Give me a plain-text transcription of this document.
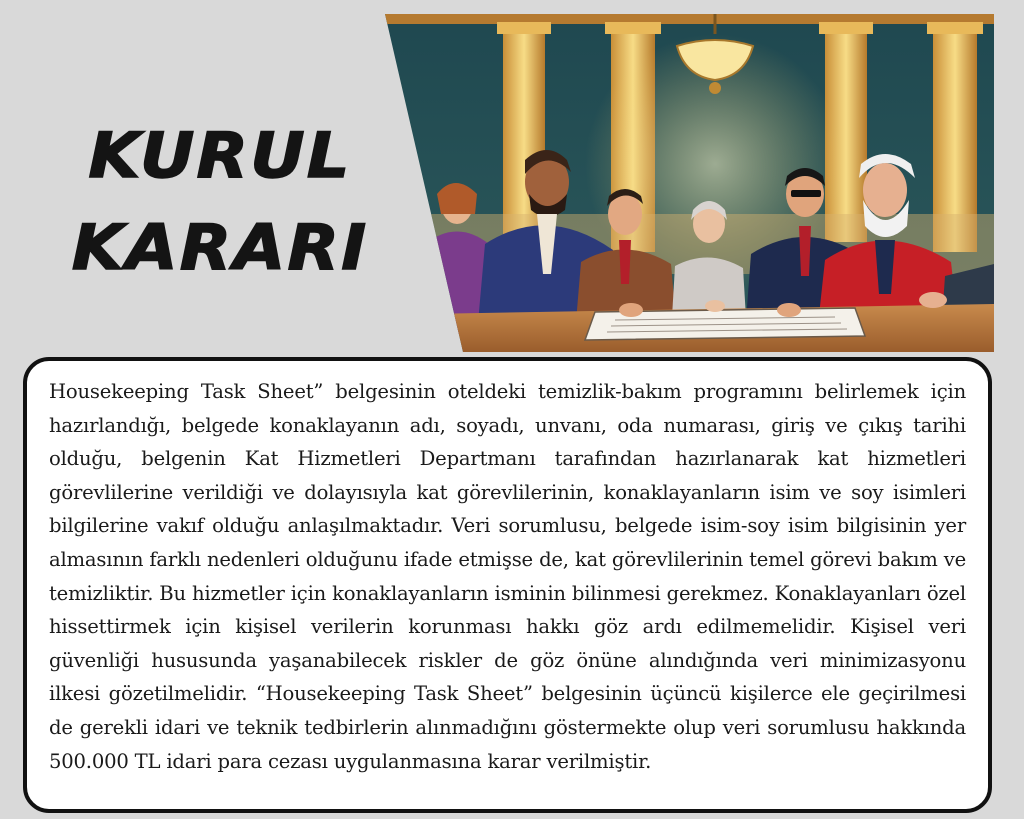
KURUL
KARARI

Housekeeping Task Sheet” belgesinin oteldeki temizlik-bakım programını belirlemek için hazırlandığı, belgede konaklayanın adı, soyadı, unvanı, oda numarası, giriş ve çıkış tarihi olduğu, belgenin Kat Hizmetleri Departmanı tarafından hazırlanarak kat hizmetleri görevlilerine verildiği ve dolayısıyla kat görevlilerinin, konaklayanların isim ve soy isimleri bilgilerine vakıf olduğu anlaşılmaktadır. Veri sorumlusu, belgede isim-soy isim bilgisinin yer almasının farklı nedenleri olduğunu ifade etmişse de, kat görevlilerinin temel görevi bakım ve temizliktir. Bu hizmetler için konaklayanların isminin bilinmesi gerekmez. Konaklayanları özel hissettirmek için kişisel verilerin korunması hakkı göz ardı edilmemelidir. Kişisel veri güvenliği hususunda yaşanabilecek riskler de göz önüne alındığında veri minimizasyonu ilkesi gözetilmelidir. “Housekeeping Task Sheet” belgesinin üçüncü kişilerce ele geçirilmesi de gerekli idari ve teknik tedbirlerin alınmadığını göstermekte olup veri sorumlusu hakkında 500.000 TL idari para cezası uygulanmasına karar verilmiştir.
